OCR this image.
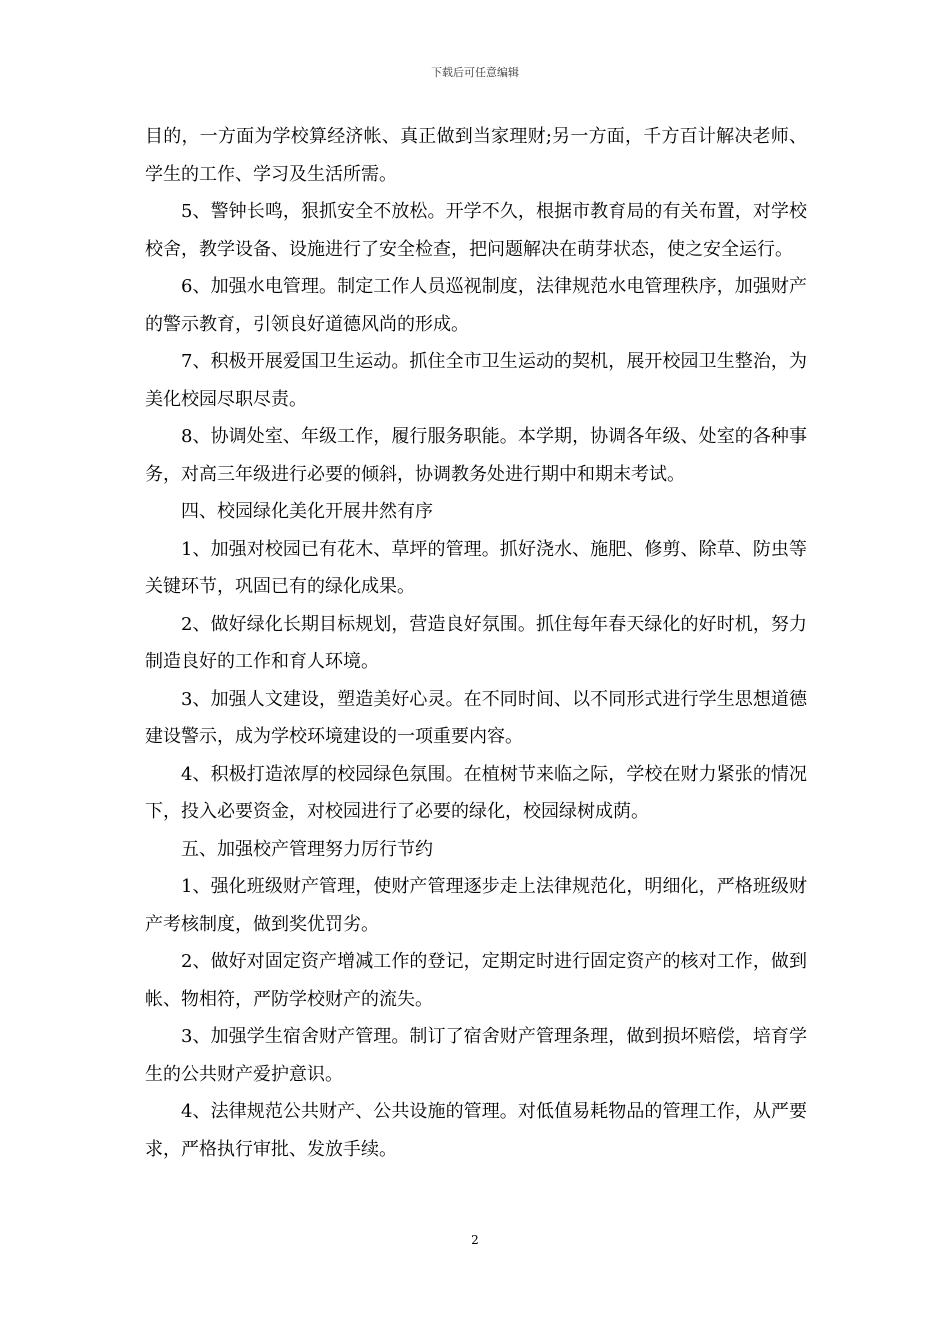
下载后可任意编辑

目的，一方面为学校算经济帐、真正做到当家理财;另一方面，千方百计解决老师、学生的工作、学习及生活所需。

5、警钟长鸣，狠抓安全不放松。开学不久，根据市教育局的有关布置，对学校校舍，教学设备、设施进行了安全检查，把问题解决在萌芽状态，使之安全运行。

6、加强水电管理。制定工作人员巡视制度，法律规范水电管理秩序，加强财产的警示教育，引领良好道德风尚的形成。

7、积极开展爱国卫生运动。抓住全市卫生运动的契机，展开校园卫生整治，为美化校园尽职尽责。

8、协调处室、年级工作，履行服务职能。本学期，协调各年级、处室的各种事务，对高三年级进行必要的倾斜，协调教务处进行期中和期末考试。

四、校园绿化美化开展井然有序

1、加强对校园已有花木、草坪的管理。抓好浇水、施肥、修剪、除草、防虫等关键环节，巩固已有的绿化成果。

2、做好绿化长期目标规划，营造良好氛围。抓住每年春天绿化的好时机，努力制造良好的工作和育人环境。

3、加强人文建设，塑造美好心灵。在不同时间、以不同形式进行学生思想道德建设警示，成为学校环境建设的一项重要内容。

4、积极打造浓厚的校园绿色氛围。在植树节来临之际，学校在财力紧张的情况下，投入必要资金，对校园进行了必要的绿化，校园绿树成荫。

五、加强校产管理努力厉行节约

1、强化班级财产管理，使财产管理逐步走上法律规范化，明细化，严格班级财产考核制度，做到奖优罚劣。

2、做好对固定资产增减工作的登记，定期定时进行固定资产的核对工作，做到帐、物相符，严防学校财产的流失。

3、加强学生宿舍财产管理。制订了宿舍财产管理条理，做到损坏赔偿，培育学生的公共财产爱护意识。

4、法律规范公共财产、公共设施的管理。对低值易耗物品的管理工作，从严要求，严格执行审批、发放手续。

2
